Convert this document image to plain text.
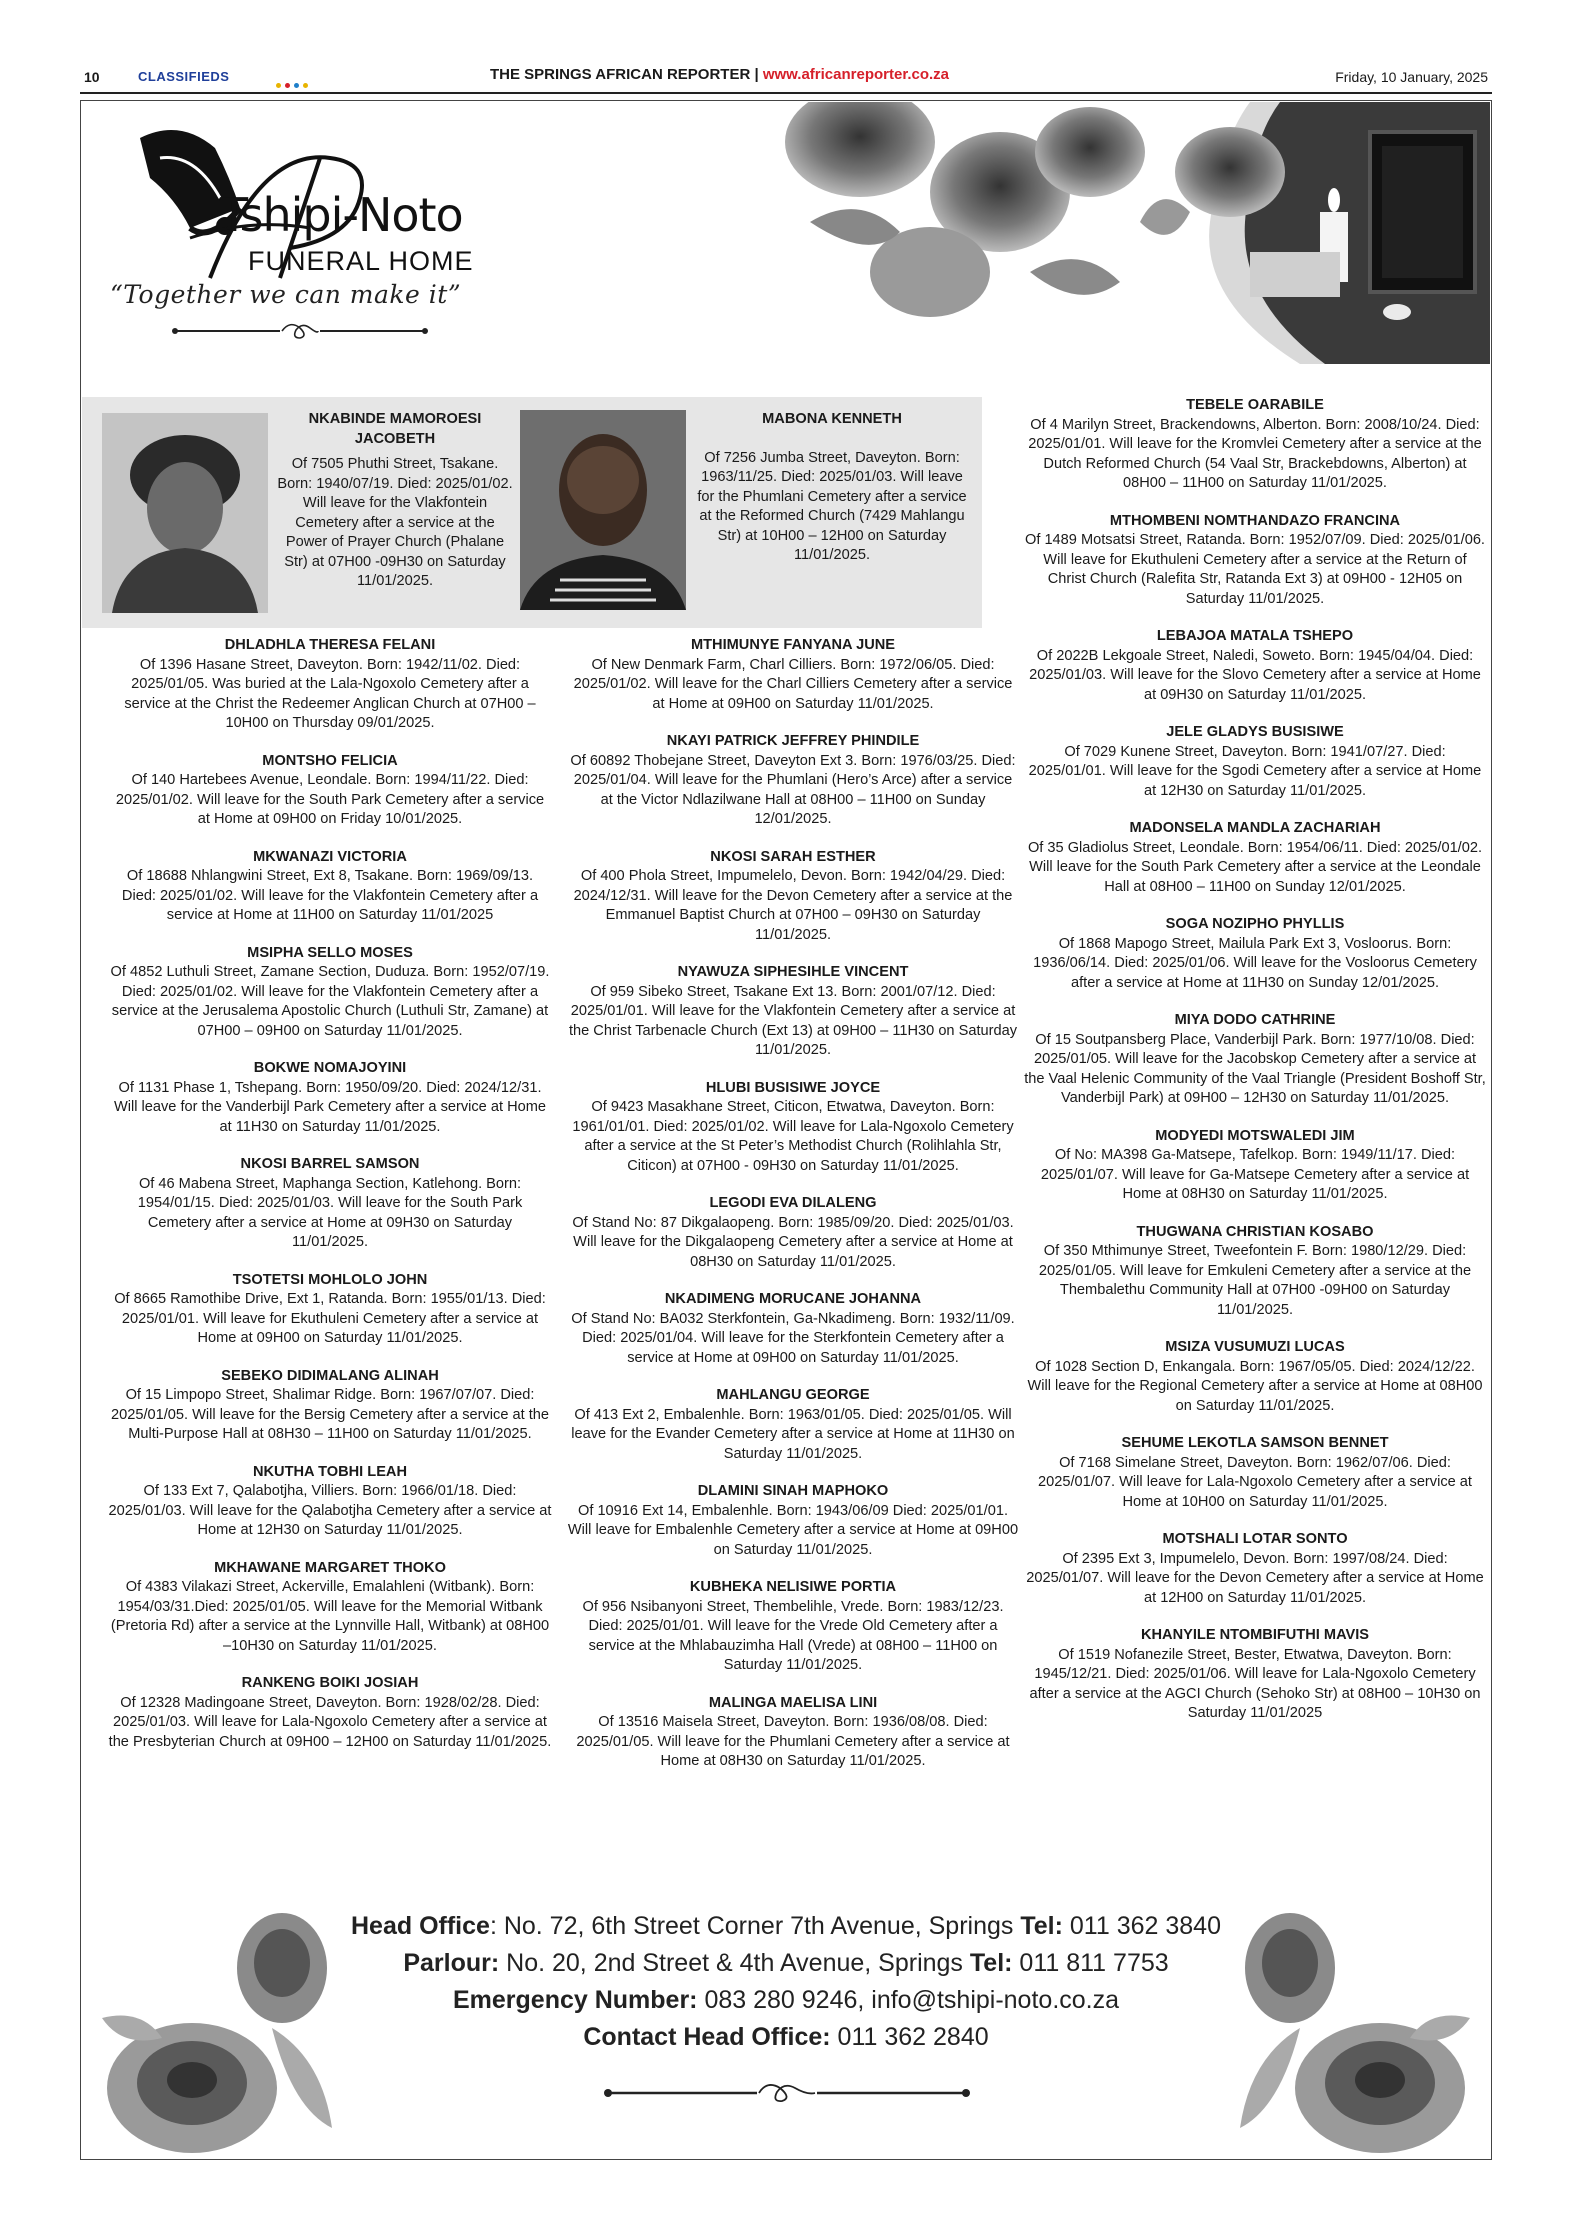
10	CLASSIFIEDS	THE SPRINGS AFRICAN REPORTER | www.africanreporter.co.za	Friday, 10 January, 2025
Tshipi-Noto
FUNERAL HOME
“Together we can make it”
NKABINDE MAMOROESI JACOBETH
Of 7505 Phuthi Street, Tsakane. Born: 1940/07/19. Died: 2025/01/02. Will leave for the Vlakfontein Cemetery after a service at the Power of Prayer Church (Phalane Str) at 07H00 -09H30 on Saturday 11/01/2025.
MABONA KENNETH
Of 7256 Jumba Street, Daveyton. Born: 1963/11/25. Died: 2025/01/03. Will leave for the Phumlani Cemetery after a service at the Reformed Church (7429 Mahlangu Str) at 10H00 – 12H00 on Saturday 11/01/2025.
DHLADHLA THERESA FELANI
Of 1396 Hasane Street, Daveyton. Born: 1942/11/02. Died: 2025/01/05. Was buried at the Lala-Ngoxolo Cemetery after a service at the Christ the Redeemer Anglican Church at 07H00 – 10H00 on Thursday 09/01/2025.
MONTSHO FELICIA
Of 140 Hartebees Avenue, Leondale. Born: 1994/11/22. Died: 2025/01/02. Will leave for the South Park Cemetery after a service at Home at 09H00 on Friday 10/01/2025.
MKWANAZI VICTORIA
Of 18688 Nhlangwini Street, Ext 8, Tsakane. Born: 1969/09/13. Died: 2025/01/02. Will leave for the Vlakfontein Cemetery after a service at Home at 11H00 on Saturday 11/01/2025
MSIPHA SELLO MOSES
Of 4852 Luthuli Street, Zamane Section, Duduza. Born: 1952/07/19. Died: 2025/01/02. Will leave for the Vlakfontein Cemetery after a service at the Jerusalema Apostolic Church (Luthuli Str, Zamane) at 07H00 – 09H00 on Saturday 11/01/2025.
BOKWE NOMAJOYINI
Of 1131 Phase 1, Tshepang. Born: 1950/09/20. Died: 2024/12/31. Will leave for the Vanderbijl Park Cemetery after a service at Home at 11H30 on Saturday 11/01/2025.
NKOSI BARREL SAMSON
Of 46 Mabena Street, Maphanga Section, Katlehong. Born: 1954/01/15. Died: 2025/01/03. Will leave for the South Park Cemetery after a service at Home at 09H30 on Saturday 11/01/2025.
TSOTETSI MOHLOLO JOHN
Of 8665 Ramothibe Drive, Ext 1, Ratanda. Born: 1955/01/13. Died: 2025/01/01. Will leave for Ekuthuleni Cemetery after a service at Home at 09H00 on Saturday 11/01/2025.
SEBEKO DIDIMALANG ALINAH
Of 15 Limpopo Street, Shalimar Ridge. Born: 1967/07/07. Died: 2025/01/05. Will leave for the Bersig Cemetery after a service at the Multi-Purpose Hall at 08H30 – 11H00 on Saturday 11/01/2025.
NKUTHA TOBHI LEAH
Of 133 Ext 7, Qalabotjha, Villiers. Born: 1966/01/18. Died: 2025/01/03. Will leave for the Qalabotjha Cemetery after a service at Home at 12H30 on Saturday 11/01/2025.
MKHAWANE MARGARET THOKO
Of 4383 Vilakazi Street, Ackerville, Emalahleni (Witbank). Born: 1954/03/31.Died: 2025/01/05. Will leave for the Memorial Witbank (Pretoria Rd) after a service at the Lynnville Hall, Witbank) at 08H00 –10H30 on Saturday 11/01/2025.
RANKENG BOIKI JOSIAH
Of 12328 Madingoane Street, Daveyton. Born: 1928/02/28. Died: 2025/01/03. Will leave for Lala-Ngoxolo Cemetery after a service at the Presbyterian Church at 09H00 – 12H00 on Saturday 11/01/2025.
MTHIMUNYE FANYANA JUNE
Of New Denmark Farm, Charl Cilliers. Born: 1972/06/05. Died: 2025/01/02. Will leave for the Charl Cilliers Cemetery after a service at Home at 09H00 on Saturday 11/01/2025.
NKAYI PATRICK JEFFREY PHINDILE
Of 60892 Thobejane Street, Daveyton Ext 3. Born: 1976/03/25. Died: 2025/01/04. Will leave for the Phumlani (Hero’s Arce) after a service at the Victor Ndlazilwane Hall at 08H00 – 11H00 on Sunday 12/01/2025.
NKOSI SARAH ESTHER
Of 400 Phola Street, Impumelelo, Devon. Born: 1942/04/29. Died: 2024/12/31. Will leave for the Devon Cemetery after a service at the Emmanuel Baptist Church at 07H00 – 09H30 on Saturday 11/01/2025.
NYAWUZA SIPHESIHLE VINCENT
Of 959 Sibeko Street, Tsakane Ext 13. Born: 2001/07/12. Died: 2025/01/01. Will leave for the Vlakfontein Cemetery after a service at the Christ Tarbenacle Church (Ext 13) at 09H00 – 11H30 on Saturday 11/01/2025.
HLUBI BUSISIWE JOYCE
Of 9423 Masakhane Street, Citicon, Etwatwa, Daveyton. Born: 1961/01/01. Died: 2025/01/02. Will leave for Lala-Ngoxolo Cemetery after a service at the St Peter’s Methodist Church (Rolihlahla Str, Citicon) at 07H00 - 09H30 on Saturday 11/01/2025.
LEGODI EVA DILALENG
Of Stand No: 87 Dikgalaopeng. Born: 1985/09/20. Died: 2025/01/03. Will leave for the Dikgalaopeng Cemetery after a service at Home at 08H30 on Saturday 11/01/2025.
NKADIMENG MORUCANE JOHANNA
Of Stand No: BA032 Sterkfontein, Ga-Nkadimeng. Born: 1932/11/09. Died: 2025/01/04. Will leave for the Sterkfontein Cemetery after a service at Home at 09H00 on Saturday 11/01/2025.
MAHLANGU GEORGE
Of 413 Ext 2, Embalenhle. Born: 1963/01/05. Died: 2025/01/05. Will leave for the Evander Cemetery after a service at Home at 11H30 on Saturday 11/01/2025.
DLAMINI SINAH MAPHOKO
Of 10916 Ext 14, Embalenhle. Born: 1943/06/09 Died: 2025/01/01. Will leave for Embalenhle Cemetery after a service at Home at 09H00 on Saturday 11/01/2025.
KUBHEKA NELISIWE PORTIA
Of 956 Nsibanyoni Street, Thembelihle, Vrede. Born: 1983/12/23. Died: 2025/01/01. Will leave for the Vrede Old Cemetery after a service at the Mhlabauzimha Hall (Vrede) at 08H00 – 11H00 on Saturday 11/01/2025.
MALINGA MAELISA LINI
Of 13516 Maisela Street, Daveyton. Born: 1936/08/08. Died: 2025/01/05. Will leave for the Phumlani Cemetery after a service at Home at 08H30 on Saturday 11/01/2025.
TEBELE OARABILE
Of 4 Marilyn Street, Brackendowns, Alberton. Born: 2008/10/24. Died: 2025/01/01. Will leave for the Kromvlei Cemetery after a service at the Dutch Reformed Church (54 Vaal Str, Brackebdowns, Alberton) at 08H00 – 11H00 on Saturday 11/01/2025.
MTHOMBENI NOMTHANDAZO FRANCINA
Of 1489 Motsatsi Street, Ratanda. Born: 1952/07/09. Died: 2025/01/06. Will leave for Ekuthuleni Cemetery after a service at the Return of Christ Church (Ralefita Str, Ratanda Ext 3) at 09H00 - 12H05 on Saturday 11/01/2025.
LEBAJOA MATALA TSHEPO
Of 2022B Lekgoale Street, Naledi, Soweto. Born: 1945/04/04. Died: 2025/01/03. Will leave for the Slovo Cemetery after a service at Home at 09H30 on Saturday 11/01/2025.
JELE GLADYS BUSISIWE
Of 7029 Kunene Street, Daveyton. Born: 1941/07/27. Died: 2025/01/01. Will leave for the Sgodi Cemetery after a service at Home at 12H30 on Saturday 11/01/2025.
MADONSELA MANDLA ZACHARIAH
Of 35 Gladiolus Street, Leondale. Born: 1954/06/11. Died: 2025/01/02. Will leave for the South Park Cemetery after a service at the Leondale Hall at 08H00 – 11H00 on Sunday 12/01/2025.
SOGA NOZIPHO PHYLLIS
Of 1868 Mapogo Street, Mailula Park Ext 3, Vosloorus. Born: 1936/06/14. Died: 2025/01/06. Will leave for the Vosloorus Cemetery after a service at Home at 11H30 on Sunday 12/01/2025.
MIYA DODO CATHRINE
Of 15 Soutpansberg Place, Vanderbijl Park. Born: 1977/10/08. Died: 2025/01/05. Will leave for the Jacobskop Cemetery after a service at the Vaal Helenic Community of the Vaal Triangle (President Boshoff Str, Vanderbijl Park) at 09H00 – 12H30 on Saturday 11/01/2025.
MODYEDI MOTSWALEDI JIM
Of No: MA398 Ga-Matsepe, Tafelkop. Born: 1949/11/17. Died: 2025/01/07. Will leave for Ga-Matsepe Cemetery after a service at Home at 08H30 on Saturday 11/01/2025.
THUGWANA CHRISTIAN KOSABO
Of 350 Mthimunye Street, Tweefontein F. Born: 1980/12/29. Died: 2025/01/05. Will leave for Emkuleni Cemetery after a service at the Thembalethu Community Hall at 07H00 -09H00 on Saturday 11/01/2025.
MSIZA VUSUMUZI LUCAS
Of 1028 Section D, Enkangala. Born: 1967/05/05. Died: 2024/12/22. Will leave for the Regional Cemetery after a service at Home at 08H00 on Saturday 11/01/2025.
SEHUME LEKOTLA SAMSON BENNET
Of 7168 Simelane Street, Daveyton. Born: 1962/07/06. Died: 2025/01/07. Will leave for Lala-Ngoxolo Cemetery after a service at Home at 10H00 on Saturday 11/01/2025.
MOTSHALI LOTAR SONTO
Of 2395 Ext 3, Impumelelo, Devon. Born: 1997/08/24. Died: 2025/01/07. Will leave for the Devon Cemetery after a service at Home at 12H00 on Saturday 11/01/2025.
KHANYILE NTOMBIFUTHI MAVIS
Of 1519 Nofanezile Street, Bester, Etwatwa, Daveyton. Born: 1945/12/21. Died: 2025/01/06. Will leave for Lala-Ngoxolo Cemetery after a service at the AGCI Church (Sehoko Str) at 08H00 – 10H30 on Saturday 11/01/2025
Head Office: No. 72, 6th Street Corner 7th Avenue, Springs Tel: 011 362 3840
Parlour: No. 20, 2nd Street & 4th Avenue, Springs Tel: 011 811 7753
Emergency Number: 083 280 9246, info@tshipi-noto.co.za
Contact Head Office: 011 362 2840
